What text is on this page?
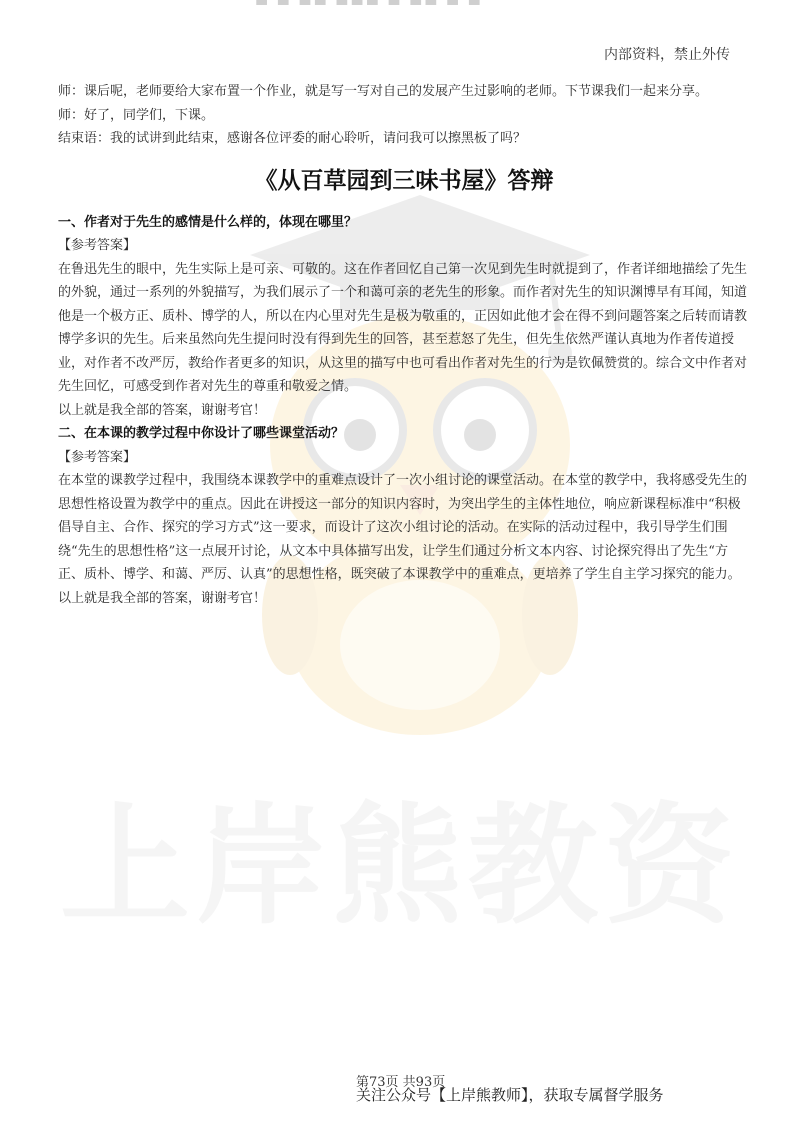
上岸熊教资
▬ ▬ ▬▬ ▬▬▬ ▬ ▬▬ ▬ ▬
内部资料，禁止外传

师：课后呢，老师要给大家布置一个作业，就是写一写对自己的发展产生过影响的老师。下节课我们一起来分享。

师：好了，同学们，下课。

结束语：我的试讲到此结束，感谢各位评委的耐心聆听，请问我可以擦黑板了吗？

《从百草园到三味书屋》答辩

一、作者对于先生的感情是什么样的，体现在哪里？

【参考答案】

在鲁迅先生的眼中，先生实际上是可亲、可敬的。这在作者回忆自己第一次见到先生时就提到了，作者详细地描绘了先生的外貌，通过一系列的外貌描写，为我们展示了一个和蔼可亲的老先生的形象。而作者对先生的知识渊博早有耳闻，知道他是一个极方正、质朴、博学的人，所以在内心里对先生是极为敬重的，正因如此他才会在得不到问题答案之后转而请教博学多识的先生。后来虽然向先生提问时没有得到先生的回答，甚至惹怒了先生，但先生依然严谨认真地为作者传道授业，对作者不改严厉，教给作者更多的知识，从这里的描写中也可看出作者对先生的行为是钦佩赞赏的。综合文中作者对先生回忆，可感受到作者对先生的尊重和敬爱之情。

以上就是我全部的答案，谢谢考官！

二、在本课的教学过程中你设计了哪些课堂活动？

【参考答案】

在本堂的课教学过程中，我围绕本课教学中的重难点设计了一次小组讨论的课堂活动。在本堂的教学中，我将感受先生的思想性格设置为教学中的重点。因此在讲授这一部分的知识内容时，为突出学生的主体性地位，响应新课程标准中“积极倡导自主、合作、探究的学习方式”这一要求，而设计了这次小组讨论的活动。在实际的活动过程中，我引导学生们围绕“先生的思想性格”这一点展开讨论，从文本中具体描写出发，让学生们通过分析文本内容、讨论探究得出了先生“方正、质朴、博学、和蔼、严厉、认真”的思想性格，既突破了本课教学中的重难点，更培养了学生自主学习探究的能力。

以上就是我全部的答案，谢谢考官！

第73页 共93页
关注公众号【上岸熊教师】，获取专属督学服务
